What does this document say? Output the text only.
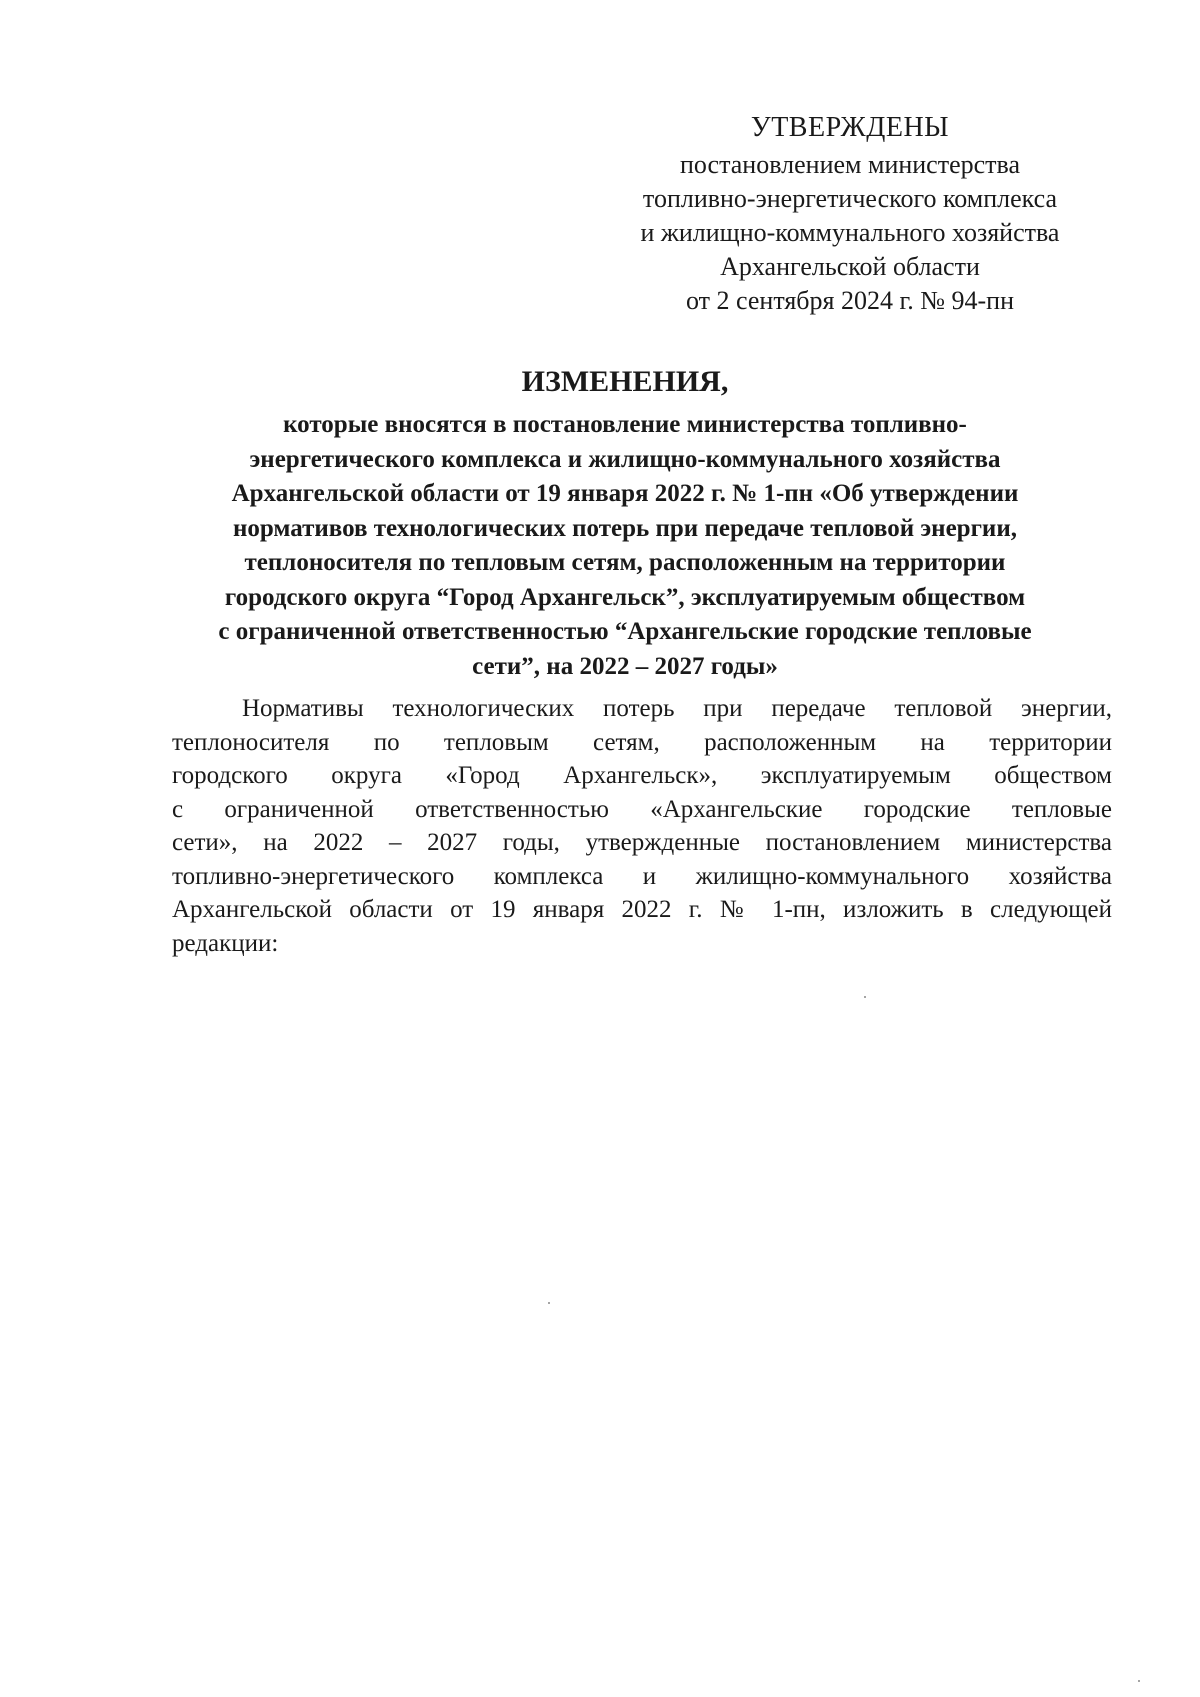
УТВЕРЖДЕНЫ
постановлением министерства
топливно-энергетического комплекса
и жилищно-коммунального хозяйства
Архангельской области
от 2 сентября 2024 г. № 94-пн
ИЗМЕНЕНИЯ,
которые вносятся в постановление министерства топливно-
энергетического комплекса и жилищно-коммунального хозяйства
Архангельской области от 19 января 2022 г. № 1-пн «Об утверждении
нормативов технологических потерь при передаче тепловой энергии,
теплоносителя по тепловым сетям, расположенным на территории
городского округа “Город Архангельск”, эксплуатируемым обществом
с ограниченной ответственностью “Архангельские городские тепловые
сети”, на 2022 – 2027 годы»
Нормативы технологических потерь при передаче тепловой энергии,
теплоносителя по тепловым сетям, расположенным на территории
городского округа «Город Архангельск», эксплуатируемым обществом
с ограниченной ответственностью «Архангельские городские тепловые
сети», на 2022 – 2027 годы, утвержденные постановлением министерства
топливно-энергетического комплекса и жилищно-коммунального хозяйства
Архангельской области от 19 января 2022 г. № 1-пн, изложить в следующей
редакции:
